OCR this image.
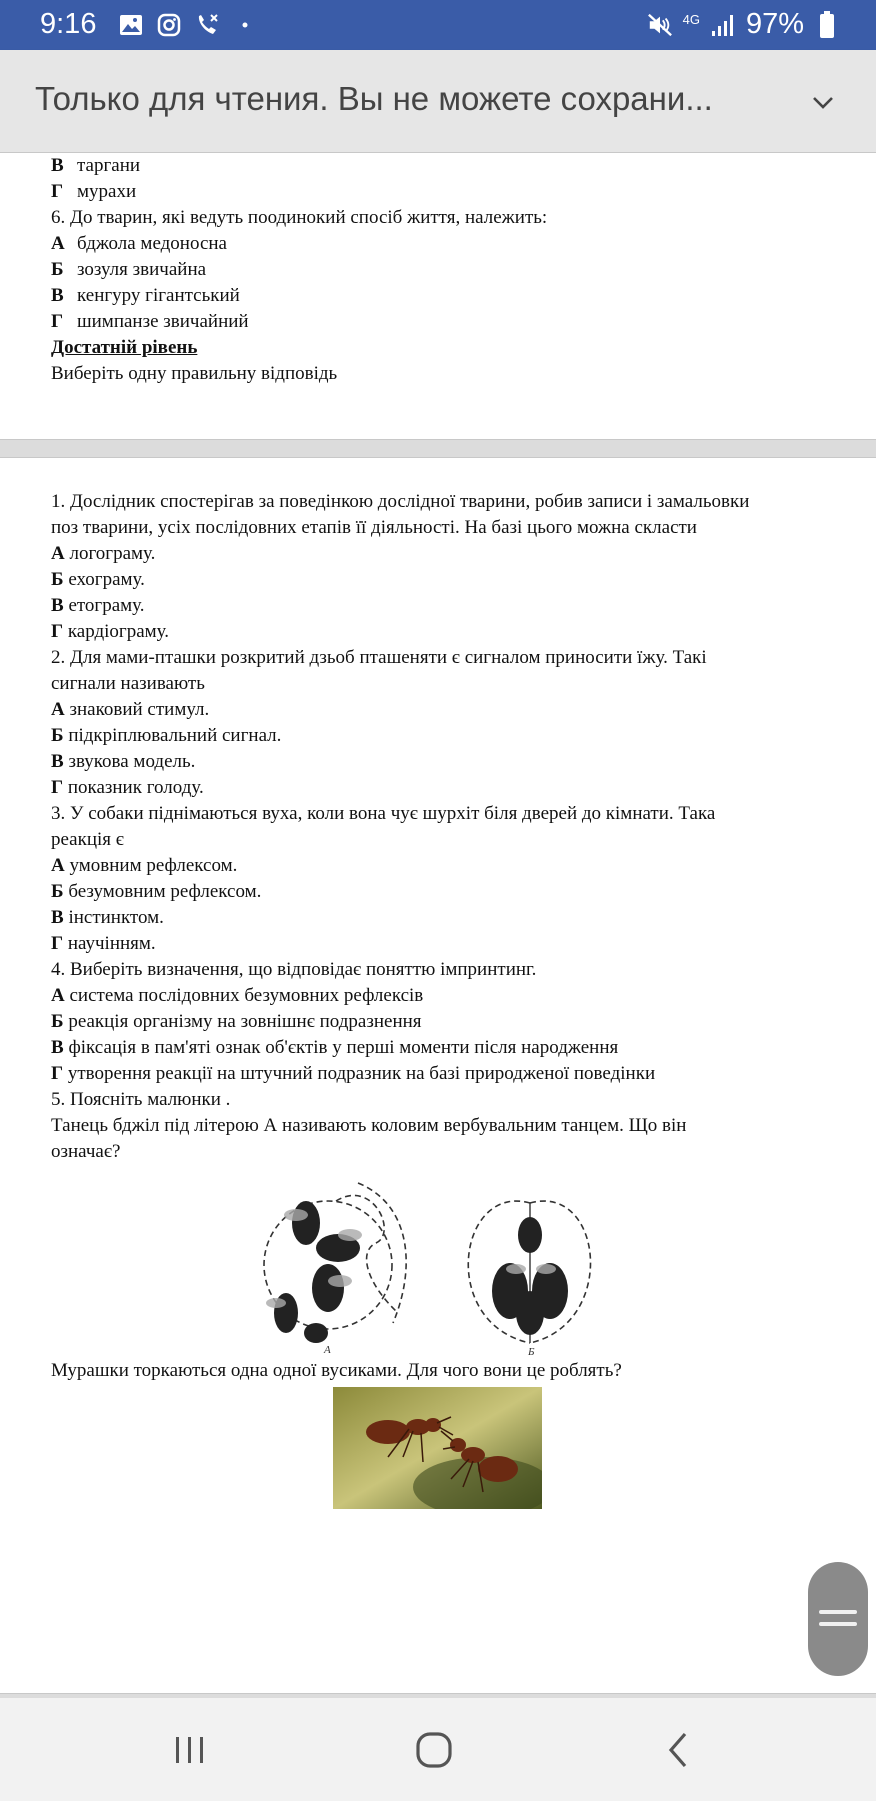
9:16	4G 97%
Только для чтения. Вы не можете сохрани...
В таргани
Г мурахи
6. До тварин, які ведуть поодинокий спосіб життя, належить:
А бджола медоносна
Б зозуля звичайна
В кенгуру гігантський
Г шимпанзе звичайний
Достатній рівень
Виберіть одну правильну відповідь
1. Дослідник спостерігав за поведінкою дослідної тварини, робив записи і замальовки
поз тварини, усіх послідовних етапів її діяльності. На базі цього можна скласти
А логограму.
Б ехограму.
В етограму.
Г кардіограму.
2. Для мами-пташки розкритий дзьоб пташеняти є сигналом приносити їжу. Такі
сигнали називають
А знаковий стимул.
Б підкріплювальний сигнал.
В звукова модель.
Г показник голоду.
3. У собаки піднімаються вуха, коли вона чує шурхіт біля дверей до кімнати. Така
реакція є
А умовним рефлексом.
Б безумовним рефлексом.
В інстинктом.
Г научінням.
4. Виберіть визначення, що відповідає поняттю імпринтинг.
А система послідовних безумовних рефлексів
Б реакція організму на зовнішнє подразнення
В фіксація в пам'яті ознак об'єктів у перші моменти після народження
Г утворення реакції на штучний подразник на базі природженої поведінки
5. Поясніть малюнки .
Танець бджіл під літерою А називають коловим вербувальним танцем. Що він
означає?
А	Б
Мурашки торкаються одна одної вусиками. Для чого вони це роблять?
